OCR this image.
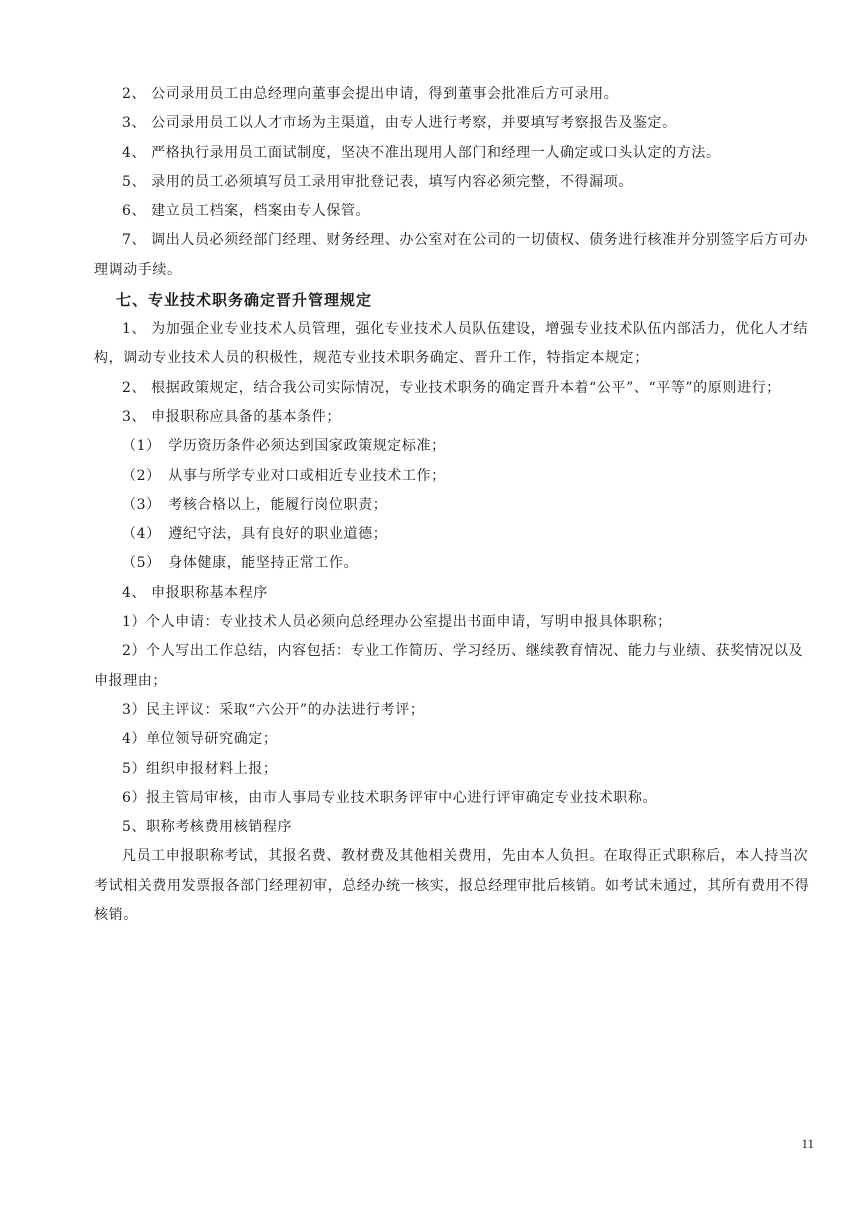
2、 公司录用员工由总经理向董事会提出申请，得到董事会批准后方可录用。

3、 公司录用员工以人才市场为主渠道，由专人进行考察，并要填写考察报告及鉴定。

4、 严格执行录用员工面试制度，坚决不准出现用人部门和经理一人确定或口头认定的方法。

5、 录用的员工必须填写员工录用审批登记表，填写内容必须完整，不得漏项。

6、 建立员工档案，档案由专人保管。

7、 调出人员必须经部门经理、财务经理、办公室对在公司的一切债权、债务进行核准并分别签字后方可办理调动手续。

七、专业技术职务确定晋升管理规定

1、 为加强企业专业技术人员管理，强化专业技术人员队伍建设，增强专业技术队伍内部活力，优化人才结构，调动专业技术人员的积极性，规范专业技术职务确定、晋升工作，特指定本规定；

2、 根据政策规定，结合我公司实际情况，专业技术职务的确定晋升本着“公平”、“平等”的原则进行；

3、 申报职称应具备的基本条件；

（1）　学历资历条件必须达到国家政策规定标准；

（2）　从事与所学专业对口或相近专业技术工作；

（3）　考核合格以上，能履行岗位职责；

（4）　遵纪守法，具有良好的职业道德；

（5）　身体健康，能坚持正常工作。

4、 申报职称基本程序

1）个人申请：专业技术人员必须向总经理办公室提出书面申请，写明申报具体职称；

2）个人写出工作总结，内容包括：专业工作简历、学习经历、继续教育情况、能力与业绩、获奖情况以及申报理由；

3）民主评议：采取“六公开”的办法进行考评；

4）单位领导研究确定；

5）组织申报材料上报；

6）报主管局审核，由市人事局专业技术职务评审中心进行评审确定专业技术职称。

5、职称考核费用核销程序

凡员工申报职称考试，其报名费、教材费及其他相关费用，先由本人负担。在取得正式职称后，本人持当次考试相关费用发票报各部门经理初审，总经办统一核实，报总经理审批后核销。如考试未通过，其所有费用不得核销。

11
